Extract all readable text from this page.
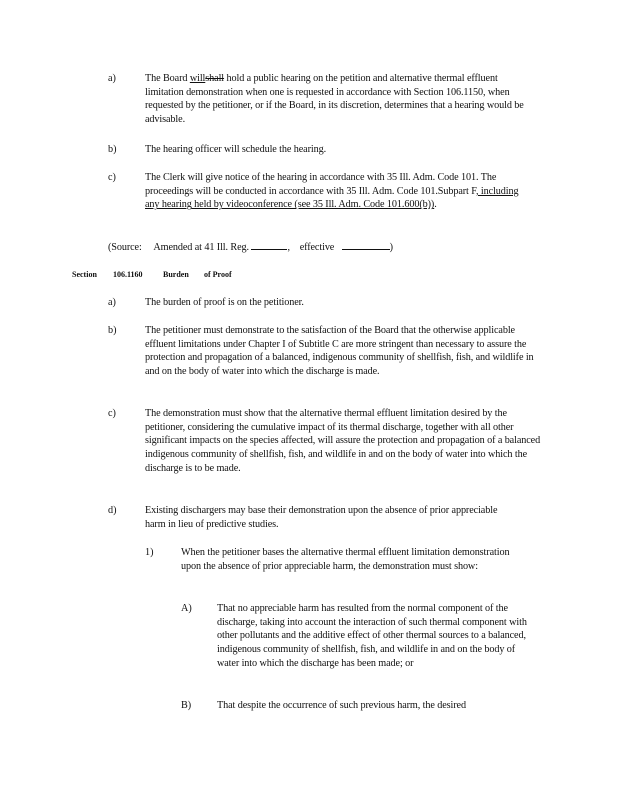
a)	The Board willshall hold a public hearing on the petition and alternative thermal effluent limitation demonstration when one is requested in accordance with Section 106.1150, when requested by the petitioner, or if the Board, in its discretion, determines that a hearing would be advisable.
b)	The hearing officer will schedule the hearing.
c)	The Clerk will give notice of the hearing in accordance with 35 Ill. Adm. Code 101. The proceedings will be conducted in accordance with 35 Ill. Adm. Code 101.Subpart F, including any hearing held by videoconference (see 35 Ill. Adm. Code 101.600(b)).
(Source: Amended at 41 Ill. Reg.	, effective	)
Section 106.1160	Burden of Proof
a)	The burden of proof is on the petitioner.
b)	The petitioner must demonstrate to the satisfaction of the Board that the otherwise applicable effluent limitations under Chapter I of Subtitle C are more stringent than necessary to assure the protection and propagation of a balanced, indigenous community of shellfish, fish, and wildlife in and on the body of water into which the discharge is made.
c)	The demonstration must show that the alternative thermal effluent limitation desired by the petitioner, considering the cumulative impact of its thermal discharge, together with all other significant impacts on the species affected, will assure the protection and propagation of a balanced indigenous community of shellfish, fish, and wildlife in and on the body of water into which the discharge is to be made.
d)	Existing dischargers may base their demonstration upon the absence of prior appreciable harm in lieu of predictive studies.
1)	When the petitioner bases the alternative thermal effluent limitation demonstration upon the absence of prior appreciable harm, the demonstration must show:
A) That no appreciable harm has resulted from the normal component of the discharge, taking into account the interaction of such thermal component with other pollutants and the additive effect of other thermal sources to a balanced, indigenous community of shellfish, fish, and wildlife in and on the body of water into which the discharge has been made; or
B)	That despite the occurrence of such previous harm, the desired
